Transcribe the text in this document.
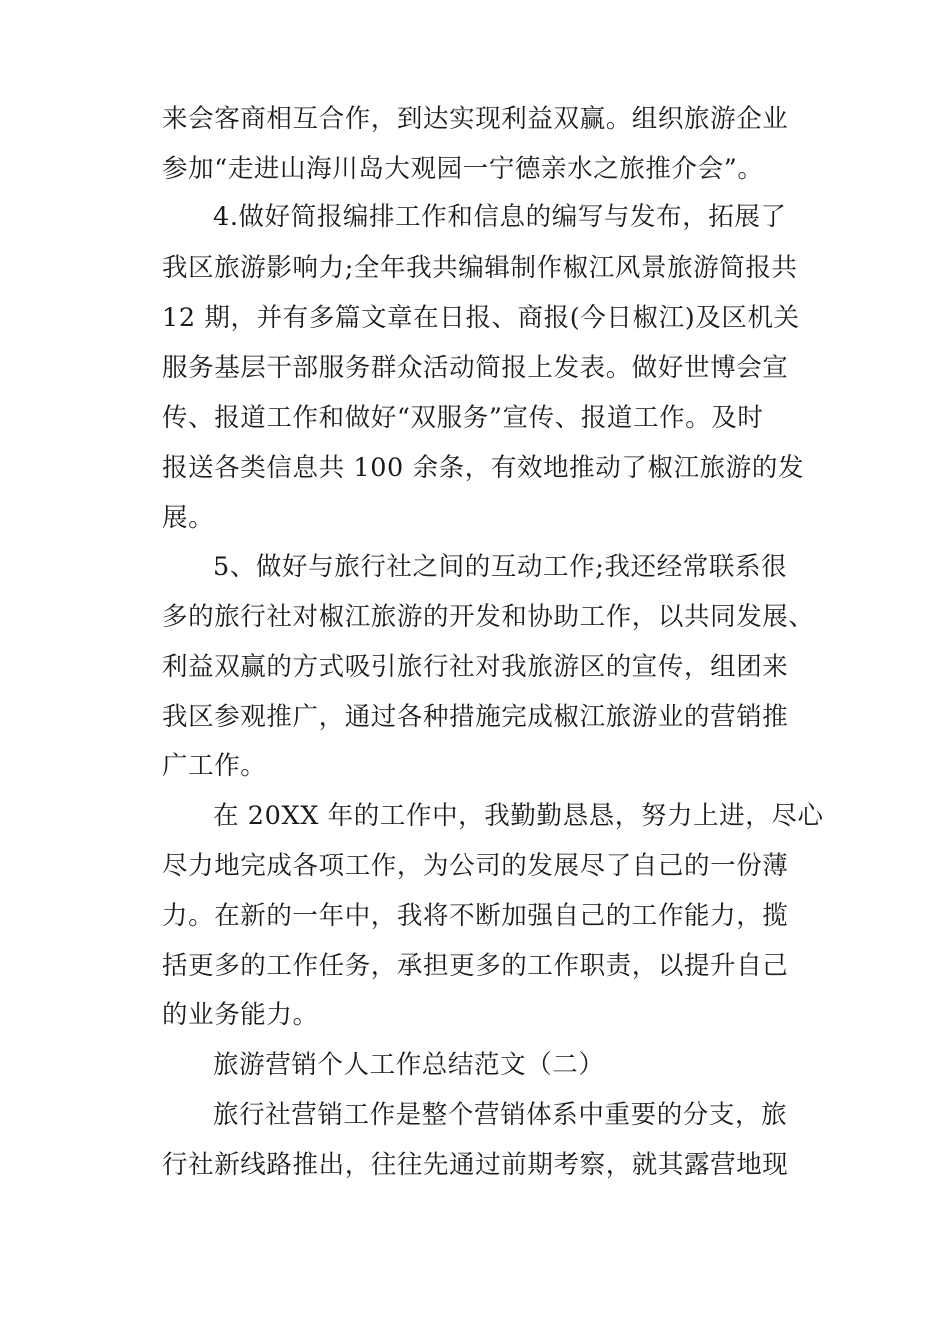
来会客商相互合作，到达实现利益双赢。组织旅游企业
参加“走进山海川岛大观园一宁德亲水之旅推介会”。
4.做好简报编排工作和信息的编写与发布，拓展了
我区旅游影响力;全年我共编辑制作椒江风景旅游简报共
12 期，并有多篇文章在日报、商报(今日椒江)及区机关
服务基层干部服务群众活动简报上发表。做好世博会宣
传、报道工作和做好“双服务”宣传、报道工作。及时
报送各类信息共 100 余条，有效地推动了椒江旅游的发
展。
5、做好与旅行社之间的互动工作;我还经常联系很
多的旅行社对椒江旅游的开发和协助工作，以共同发展、
利益双赢的方式吸引旅行社对我旅游区的宣传，组团来
我区参观推广，通过各种措施完成椒江旅游业的营销推
广工作。
在 20XX 年的工作中，我勤勤恳恳，努力上进，尽心
尽力地完成各项工作，为公司的发展尽了自己的一份薄
力。在新的一年中，我将不断加强自己的工作能力，揽
括更多的工作任务，承担更多的工作职责，以提升自己
的业务能力。
旅游营销个人工作总结范文（二）
旅行社营销工作是整个营销体系中重要的分支，旅
行社新线路推出，往往先通过前期考察，就其露营地现
